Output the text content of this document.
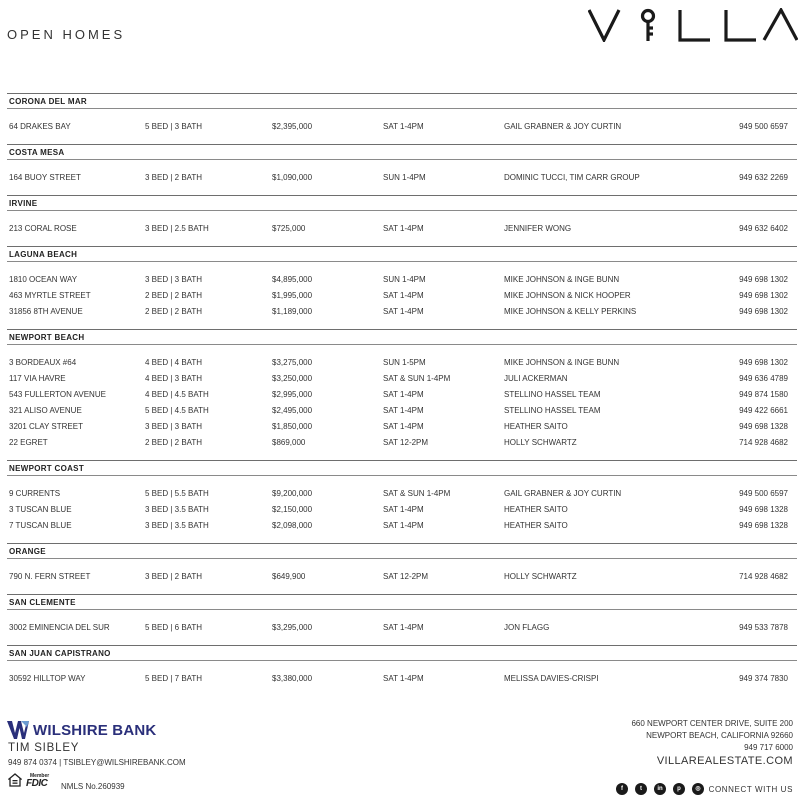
OPEN HOMES
CORONA DEL MAR
64 DRAKES BAY	5 BED | 3 BATH	$2,395,000	SAT 1-4PM	GAIL GRABNER & JOY CURTIN	949 500 6597
COSTA MESA
164 BUOY STREET	3 BED | 2 BATH	$1,090,000	SUN 1-4PM	DOMINIC TUCCI, TIM CARR GROUP	949 632 2269
IRVINE
213 CORAL ROSE	3 BED | 2.5 BATH	$725,000	SAT 1-4PM	JENNIFER WONG	949 632 6402
LAGUNA BEACH
1810 OCEAN WAY	3 BED | 3 BATH	$4,895,000	SUN 1-4PM	MIKE JOHNSON & INGE BUNN	949 698 1302
463 MYRTLE STREET	2 BED | 2 BATH	$1,995,000	SAT 1-4PM	MIKE JOHNSON & NICK HOOPER	949 698 1302
31856 8TH AVENUE	2 BED | 2 BATH	$1,189,000	SAT 1-4PM	MIKE JOHNSON & KELLY PERKINS	949 698 1302
NEWPORT BEACH
3 BORDEAUX #64	4 BED | 4 BATH	$3,275,000	SUN 1-5PM	MIKE JOHNSON & INGE BUNN	949 698 1302
117 VIA HAVRE	4 BED | 3 BATH	$3,250,000	SAT & SUN 1-4PM	JULI ACKERMAN	949 636 4789
543 FULLERTON AVENUE	4 BED | 4.5 BATH	$2,995,000	SAT 1-4PM	STELLINO HASSEL TEAM	949 874 1580
321 ALISO AVENUE	5 BED | 4.5 BATH	$2,495,000	SAT 1-4PM	STELLINO HASSEL TEAM	949 422 6661
3201 CLAY STREET	3 BED | 3 BATH	$1,850,000	SAT 1-4PM	HEATHER SAITO	949 698 1328
22 EGRET	2 BED | 2 BATH	$869,000	SAT 12-2PM	HOLLY SCHWARTZ	714 928 4682
NEWPORT COAST
9 CURRENTS	5 BED | 5.5 BATH	$9,200,000	SAT & SUN 1-4PM	GAIL GRABNER & JOY CURTIN	949 500 6597
3 TUSCAN BLUE	3 BED | 3.5 BATH	$2,150,000	SAT 1-4PM	HEATHER SAITO	949 698 1328
7 TUSCAN BLUE	3 BED | 3.5 BATH	$2,098,000	SAT 1-4PM	HEATHER SAITO	949 698 1328
ORANGE
790 N. FERN STREET	3 BED | 2 BATH	$649,900	SAT 12-2PM	HOLLY SCHWARTZ	714 928 4682
SAN CLEMENTE
3002 EMINENCIA DEL SUR	5 BED | 6 BATH	$3,295,000	SAT 1-4PM	JON FLAGG	949 533 7878
SAN JUAN CAPISTRANO
30592 HILLTOP WAY	5 BED | 7 BATH	$3,380,000	SAT 1-4PM	MELISSA DAVIES-CRISPI	949 374 7830
WILSHIRE BANK
TIM SIBLEY
949 874 0374 | TSIBLEY@WILSHIREBANK.COM
Member
FDIC NMLS No.260939
660 NEWPORT CENTER DRIVE, SUITE 200
NEWPORT BEACH, CALIFORNIA 92660
949 717 6000
VILLAREALESTATE.COM
f	t	in	p	◎ CONNECT WITH US
